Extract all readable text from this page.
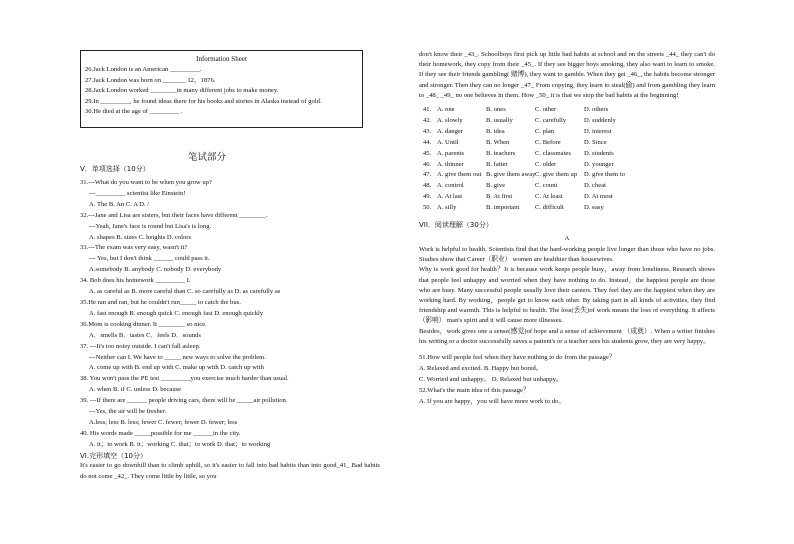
Information Sheet
26.Jack London is an American _________.
27.Jack London was born on _______ 12，1876.
28.Jack London worked ________in many different jobs to make money.
29.In _________, he found ideas there for his books and stories in Alaska instead of gold.
30.He died at the age of _________ .
笔试部分
V．单项选择（10分）
31.---What do you want to be when you grow up?
---_________ scientist like Einstein!
A. The B. An C. A D. /
32.---Jane and Lisa are sisters, but their faces have different ________.
---Yeah, Jane's face is round but Lisa's is long.
A. shapes B. sizes C. heights D. colors
33.---The exam was very easy, wasn't it?
--- Yes, but I don't think ______ could pass it.
A.somebody B. anybody C. nobody D. everybody
34. Bob does his homework _________ I.
A. as careful as B. more careful than C. so carefully as D. as carefully as
35.He ran and ran, but he couldn't run_____ to catch the bus.
A. fast enough B. enough quick C. enough fast D. enough quickly
36.Mom is cooking dinner. It ________ so nice.
A．smells B．tastes C．feels D．sounds
37. ---It's too noisy outside. I can't fall asleep.
---Neither can I. We have to _____ new ways to solve the problem.
A. come up with B. end up with C. make up with D. catch up with
38. You won't pass the PE test _________you exercise much harder than usual.
A. when B. if C. unless D. because
39. ---If there are ______ people driving cars, there will be _____air pollution.
---Yes, the air will be fresher.
A.less; less B. less; fewer C. fewer; fewer D. fewer; less
40. His words made _____possible for me ______in the city.
A. it；to work B. it；working C. that；to work D. that；to working
VI.完形填空（10分）
It's easier to go downhill than to climb uphill, so it's easier to fall into bad habits than into good_41_ Bad habits do not come _42_. They come little by little, so you
don't know their _43_. Schoolboys first pick up little bad habits at school and on the streets _44_ they can't do their homework, they copy from their _45_. If they see bigger boys smoking, they also want to learn to smoke. If they see their friends gambling( 赌博), they want to gamble. When they get _46_, the habits become stronger and stronger. Then they can no longer _47_ From copying, they learn to steal(偷) and from gambling they learn to _48_ _49_ no one believes in them. How _50_ it is that we stop the bad habits at the beginning!
41. A. one	B. ones	C. other	D. others
42. A. slowly	B. usually	C. carefully	D. suddenly
43. A. danger	B. idea	C. plan	D. interest
44. A. Until	B. When	C. Before	D. Since
45. A. parents	B. teachers	C. classmates	D. students
46. A. thinner	B. fatter	C. older	D. younger
47. A. give them out B. give them away C. give them up	D. give them to
48. A. control	B. give	C. count	D. cheat
49. A. At last	B. At first	C. At least	D. At most
50. A. silly	B. important	C. difficult	D. easy
VII．阅读理解（30分）
A
Work is helpful to health. Scientists find that the hard-working people live longer than those who have no jobs. Studies show that Career（职业） women are healthier than housewives.
Why is work good for health？It is because work keeps people busy，away from loneliness. Research shows that people feel unhappy and worried when they have nothing to do. Instead，the happiest people are those who are busy. Many successful people usually love their careers. They feel they are the happiest when they are working hard. By working，people get to know each other. By taking part in all kinds of activities, they find friendship and warmth. This is helpful to health. The loss(丢失)of work means the loss of everything. It affects （影响） man's spirit and it will cause more illnesses.
Besides，work gives one a sense(感觉)of hope and a sense of achievement （成就）. When a writer finishes his writing or a doctor successfully saves a patient's or a teacher sees his students grow, they are very happy。
51.How will people feel when they have nothing to do from the passage？
A. Relaxed and excited. B. Happy but bored。
C. Worried and unhappy。 D. Relaxed but unhappy。
52.What's the main idea of this passage？
A. If you are happy，you will have more work to do。
